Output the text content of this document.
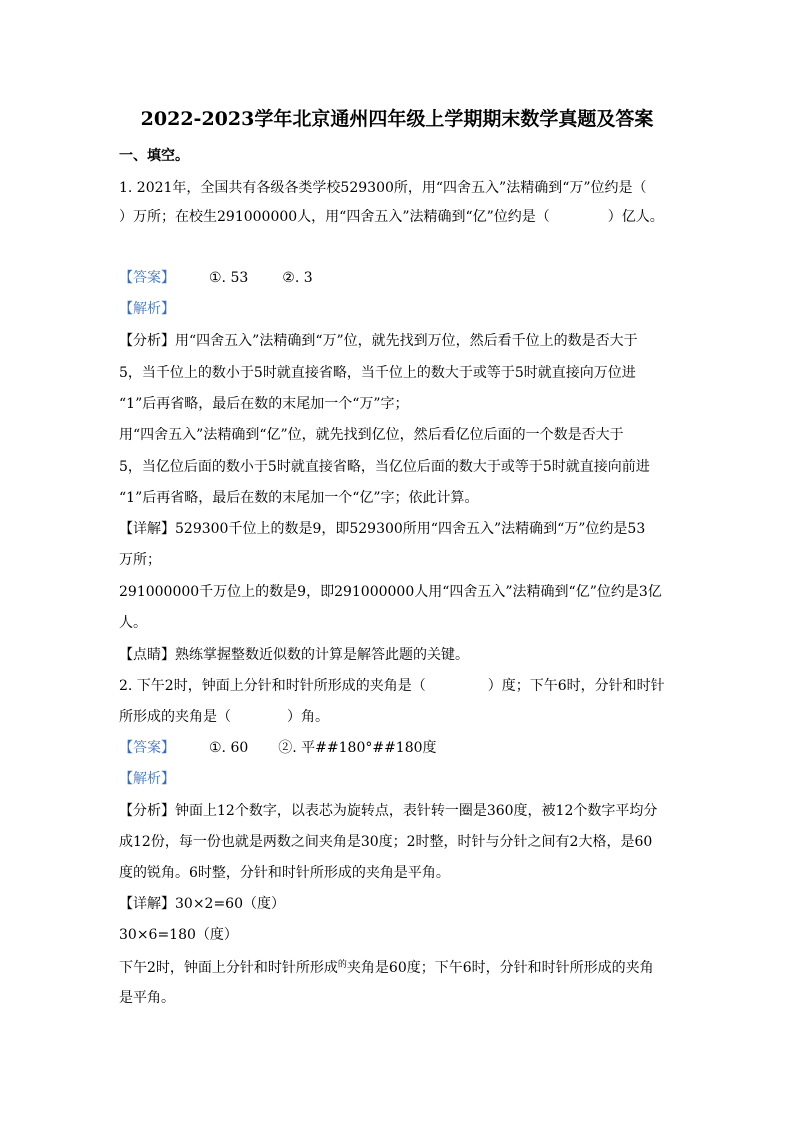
2022-2023学年北京通州四年级上学期期末数学真题及答案
一、填空。
1. 2021年，全国共有各级各类学校529300所，用“四舍五入”法精确到“万”位约是（
）万所；在校生291000000人，用“四舍五入”法精确到“亿”位约是（	）亿人。
【答案】 ①. 53 ②. 3
【解析】
【分析】用“四舍五入”法精确到“万”位，就先找到万位，然后看千位上的数是否大于
5，当千位上的数小于5时就直接省略，当千位上的数大于或等于5时就直接向万位进
“1”后再省略，最后在数的末尾加一个“万”字；
用“四舍五入”法精确到“亿”位，就先找到亿位，然后看亿位后面的一个数是否大于
5，当亿位后面的数小于5时就直接省略，当亿位后面的数大于或等于5时就直接向前进
“1”后再省略，最后在数的末尾加一个“亿”字；依此计算。
【详解】529300千位上的数是9，即529300所用“四舍五入”法精确到“万”位约是53
万所；
291000000千万位上的数是9，即291000000人用“四舍五入”法精确到“亿”位约是3亿
人。
【点睛】熟练掌握整数近似数的计算是解答此题的关键。
2. 下午2时，钟面上分针和时针所形成的夹角是（	）度；下午6时，分针和时针
所形成的夹角是（	）角。
【答案】 ①. 60 ②. 平##180°##180度
【解析】
【分析】钟面上12个数字，以表芯为旋转点，表针转一圈是360度，被12个数字平均分
成12份，每一份也就是两数之间夹角是30度；2时整，时针与分针之间有2大格，是60
度的锐角。6时整，分针和时针所形成的夹角是平角。
【详解】30×2=60（度）
30×6=180（度）
下午2时，钟面上分针和时针所形成$^的$夹角是60度；下午6时，分针和时针所形成的夹角
是平角。
